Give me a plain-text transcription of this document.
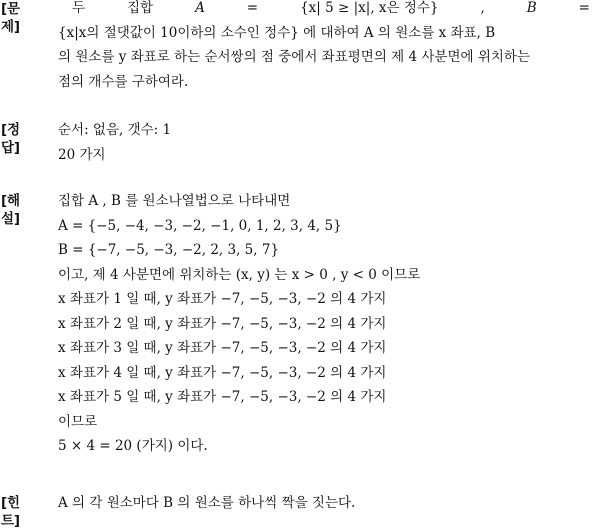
[문제]
두	집합	A	=	{x| 5 ≥ |x|, x은 정수}	,	B	=
{x|x의 절댓값이 10이하의 소수인 정수} 에 대하여 A 의 원소를 x 좌표, B
의 원소를 y 좌표로 하는 순서쌍의 점 중에서 좌표평면의 제 4 사분면에 위치하는
점의 개수를 구하여라.
[정답]
순서: 없음, 갯수: 1
20 가지
[해설]
집합 A , B 를 원소나열법으로 나타내면
A = {−5, −4, −3, −2, −1, 0, 1, 2, 3, 4, 5}
B = {−7, −5, −3, −2, 2, 3, 5, 7}
이고, 제 4 사분면에 위치하는 (x, y) 는 x > 0 , y < 0 이므로
x 좌표가 1 일 때, y 좌표가 −7, −5, −3, −2 의 4 가지
x 좌표가 2 일 때, y 좌표가 −7, −5, −3, −2 의 4 가지
x 좌표가 3 일 때, y 좌표가 −7, −5, −3, −2 의 4 가지
x 좌표가 4 일 때, y 좌표가 −7, −5, −3, −2 의 4 가지
x 좌표가 5 일 때, y 좌표가 −7, −5, −3, −2 의 4 가지
이므로
5 × 4 = 20 (가지) 이다.
[힌트]
A 의 각 원소마다 B 의 원소를 하나씩 짝을 짓는다.
